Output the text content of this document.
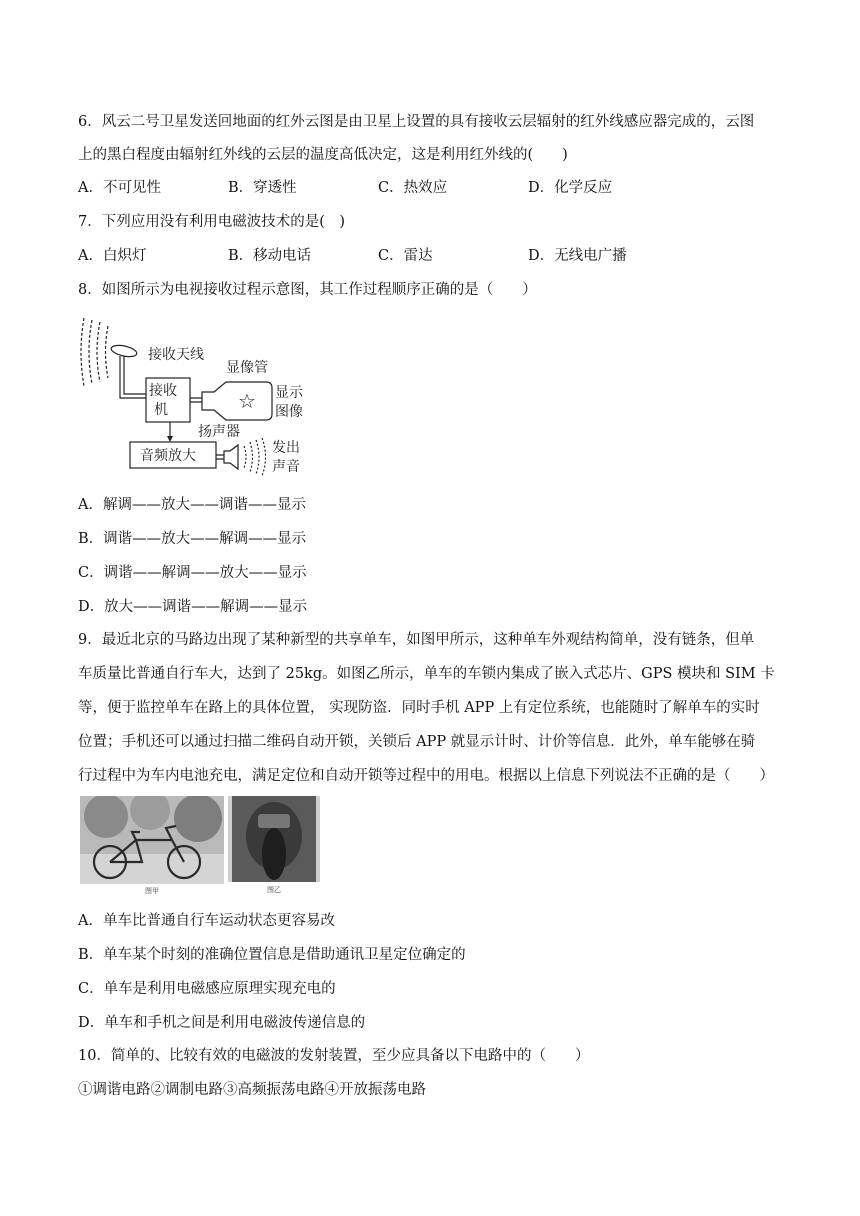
6．风云二号卫星发送回地面的红外云图是由卫星上设置的具有接收云层辐射的红外线感应器完成的，云图
上的黑白程度由辐射红外线的云层的温度高低决定，这是利用红外线的(　　)
A．不可见性	B．穿透性	C．热效应	D．化学反应
7．下列应用没有利用电磁波技术的是(　)
A．白炽灯	B．移动电话	C．雷达	D．无线电广播
8．如图所示为电视接收过程示意图，其工作过程顺序正确的是（　　）
接收天线
显像管
接收
机
显示
图像
扬声器
音频放大	发出
声音
☆
A．解调——放大——调谐——显示
B．调谐——放大——解调——显示
C．调谐——解调——放大——显示
D．放大——调谐——解调——显示
9．最近北京的马路边出现了某种新型的共享单车，如图甲所示，这种单车外观结构简单，没有链条，但单
车质量比普通自行车大，达到了 25kg。如图乙所示，单车的车锁内集成了嵌入式芯片、GPS 模块和 SIM 卡
等，便于监控单车在路上的具体位置， 实现防盗．同时手机 APP 上有定位系统，也能随时了解单车的实时
位置；手机还可以通过扫描二维码自动开锁，关锁后 APP 就显示计时、计价等信息．此外，单车能够在骑
行过程中为车内电池充电，满足定位和自动开锁等过程中的用电。根据以上信息下列说法不正确的是（　　）
图甲	图乙
A．单车比普通自行车运动状态更容易改
B．单车某个时刻的准确位置信息是借助通讯卫星定位确定的
C．单车是利用电磁感应原理实现充电的
D．单车和手机之间是利用电磁波传递信息的
10．简单的、比较有效的电磁波的发射装置，至少应具备以下电路中的（　　）
①调谐电路②调制电路③高频振荡电路④开放振荡电路
